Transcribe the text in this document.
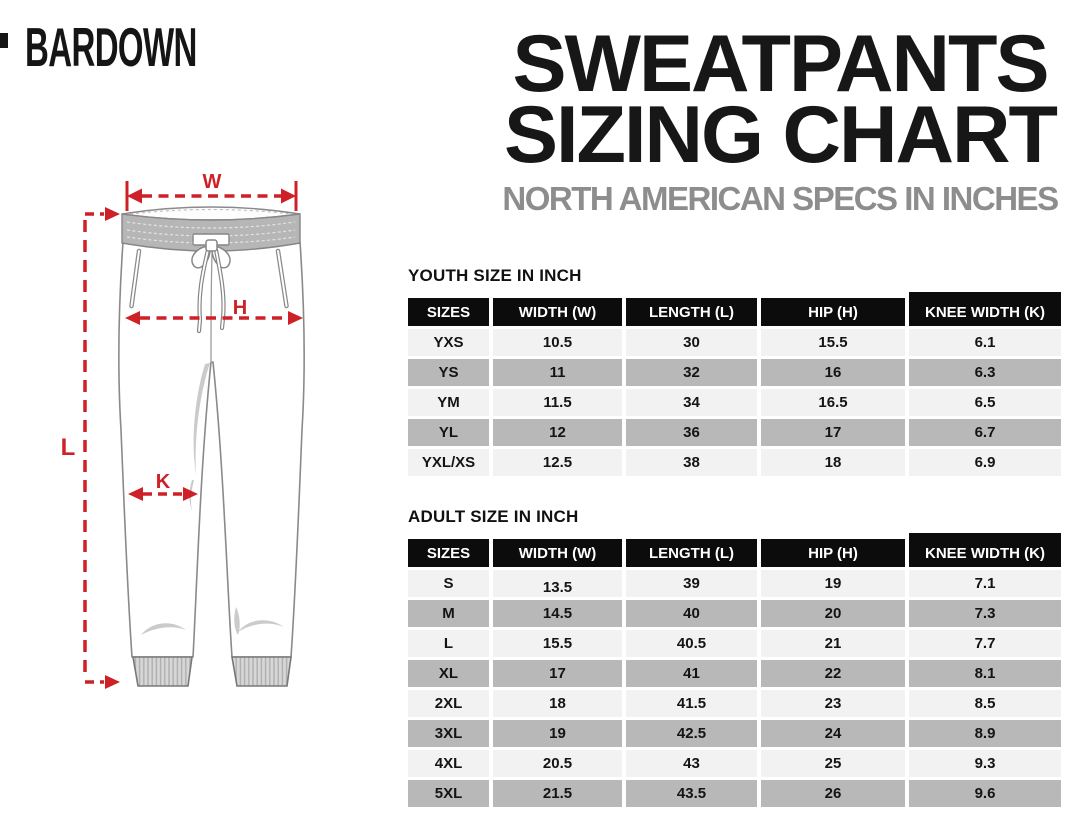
BARDOWN	SWEATPANTS
SIZING CHART
NORTH AMERICAN SPECS IN INCHES
W
H
K
L
YOUTH SIZE IN INCH
SIZES	WIDTH (W)	LENGTH (L)	HIP (H)	KNEE WIDTH (K)
YXS	10.5	30	15.5	6.1
YS	11	32	16	6.3
YM	11.5	34	16.5	6.5
YL	12	36	17	6.7
YXL/XS	12.5	38	18	6.9
ADULT SIZE IN INCH
SIZES	WIDTH (W)	LENGTH (L)	HIP (H)	KNEE WIDTH (K)
S	13.5	39	19	7.1
M	14.5	40	20	7.3
L	15.5	40.5	21	7.7
XL	17	41	22	8.1
2XL	18	41.5	23	8.5
3XL	19	42.5	24	8.9
4XL	20.5	43	25	9.3
5XL	21.5	43.5	26	9.6
